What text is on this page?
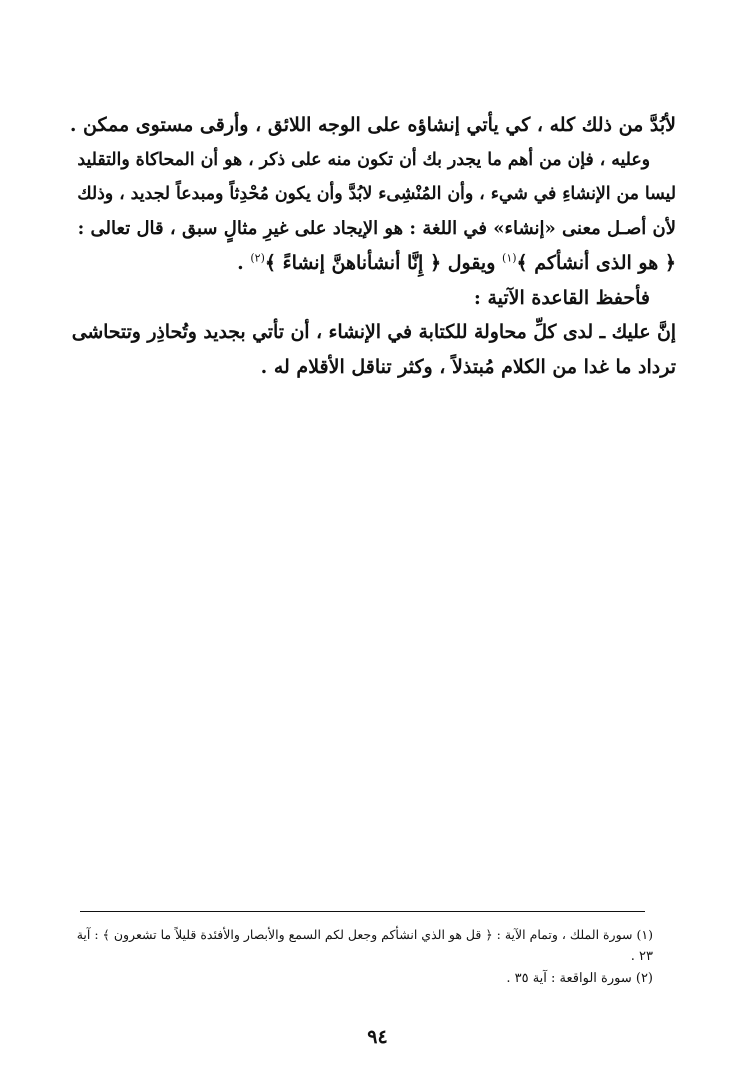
لأبُدَّ من ذلك كله ، كي يأتي إنشاؤه على الوجه اللائق ، وأرقى مستوى ممكن .

وعليه ، فإن من أهم ما يجدر بك أن تكون منه على ذكر ، هو أن المحاكاة والتقليد
ليسا من الإنشاءِ في شيء ، وأن المُنْشِىء لابُدَّ وأن يكون مُحْدِثاً ومبدعاً لجديد ، وذلك
لأن أصـل معنى «إنشاء» في اللغة : هو الإيجاد على غيرِ مثالٍ سبق ، قال تعالى :
﴿ هو الذى أنشأكم ﴾$^{(١)}$ ويقول ﴿ إِنَّا أنشأناهنَّ إنشاءً ﴾$^{(٢)}$ .

فأحفظ القاعدة الآتية :

إنَّ عليك ـ لدى كلِّ محاولة للكتابة في الإنشاء ، أن تأتي بجديد وتُحاذِر وتتحاشى
ترداد ما غدا من الكلام مُبتذلاً ، وكثر تناقل الأقلام له .

(١) سورة الملك ، وتمام الآية : ﴿ قل هو الذي انشأكم وجعل لكم السمع والأبصار والأفئدة قليلاً ما تشعرون ﴾ : آية
٢٣ .
(٢) سورة الواقعة : آية ٣٥ .
٩٤
